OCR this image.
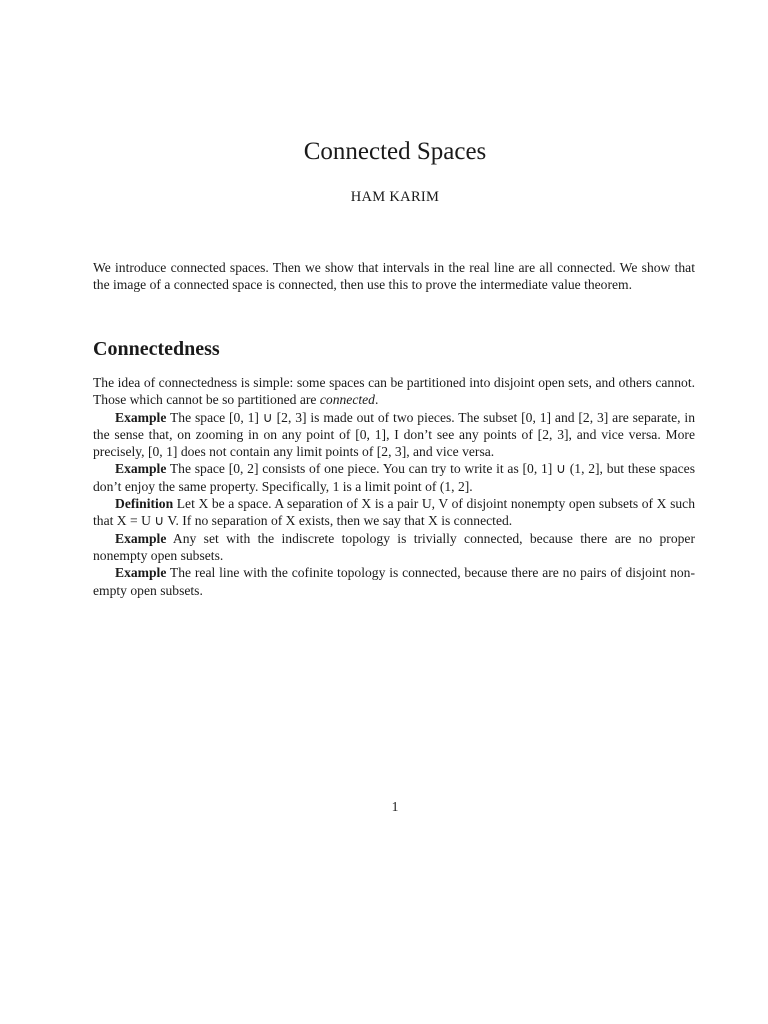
Connected Spaces
HAM KARIM

We introduce connected spaces. Then we show that intervals in the real line are all connected. We show that the image of a connected space is connected, then use this to prove the intermediate value theorem.

Connectedness

The idea of connectedness is simple: some spaces can be partitioned into disjoint open sets, and others cannot. Those which cannot be so partitioned are connected.

Example The space [0, 1] ∪ [2, 3] is made out of two pieces. The subset [0, 1] and [2, 3] are separate, in the sense that, on zooming in on any point of [0, 1], I don’t see any points of [2, 3], and vice versa. More precisely, [0, 1] does not contain any limit points of [2, 3], and vice versa.

Example The space [0, 2] consists of one piece. You can try to write it as [0, 1] ∪ (1, 2], but these spaces don’t enjoy the same property. Specifically, 1 is a limit point of (1, 2].

Definition Let X be a space. A separation of X is a pair U, V of disjoint nonempty open subsets of X such that X = U ∪ V. If no separation of X exists, then we say that X is connected.

Example Any set with the indiscrete topology is trivially connected, because there are no proper nonempty open subsets.

Example The real line with the cofinite topology is connected, because there are no pairs of disjoint non-empty open subsets.

1
